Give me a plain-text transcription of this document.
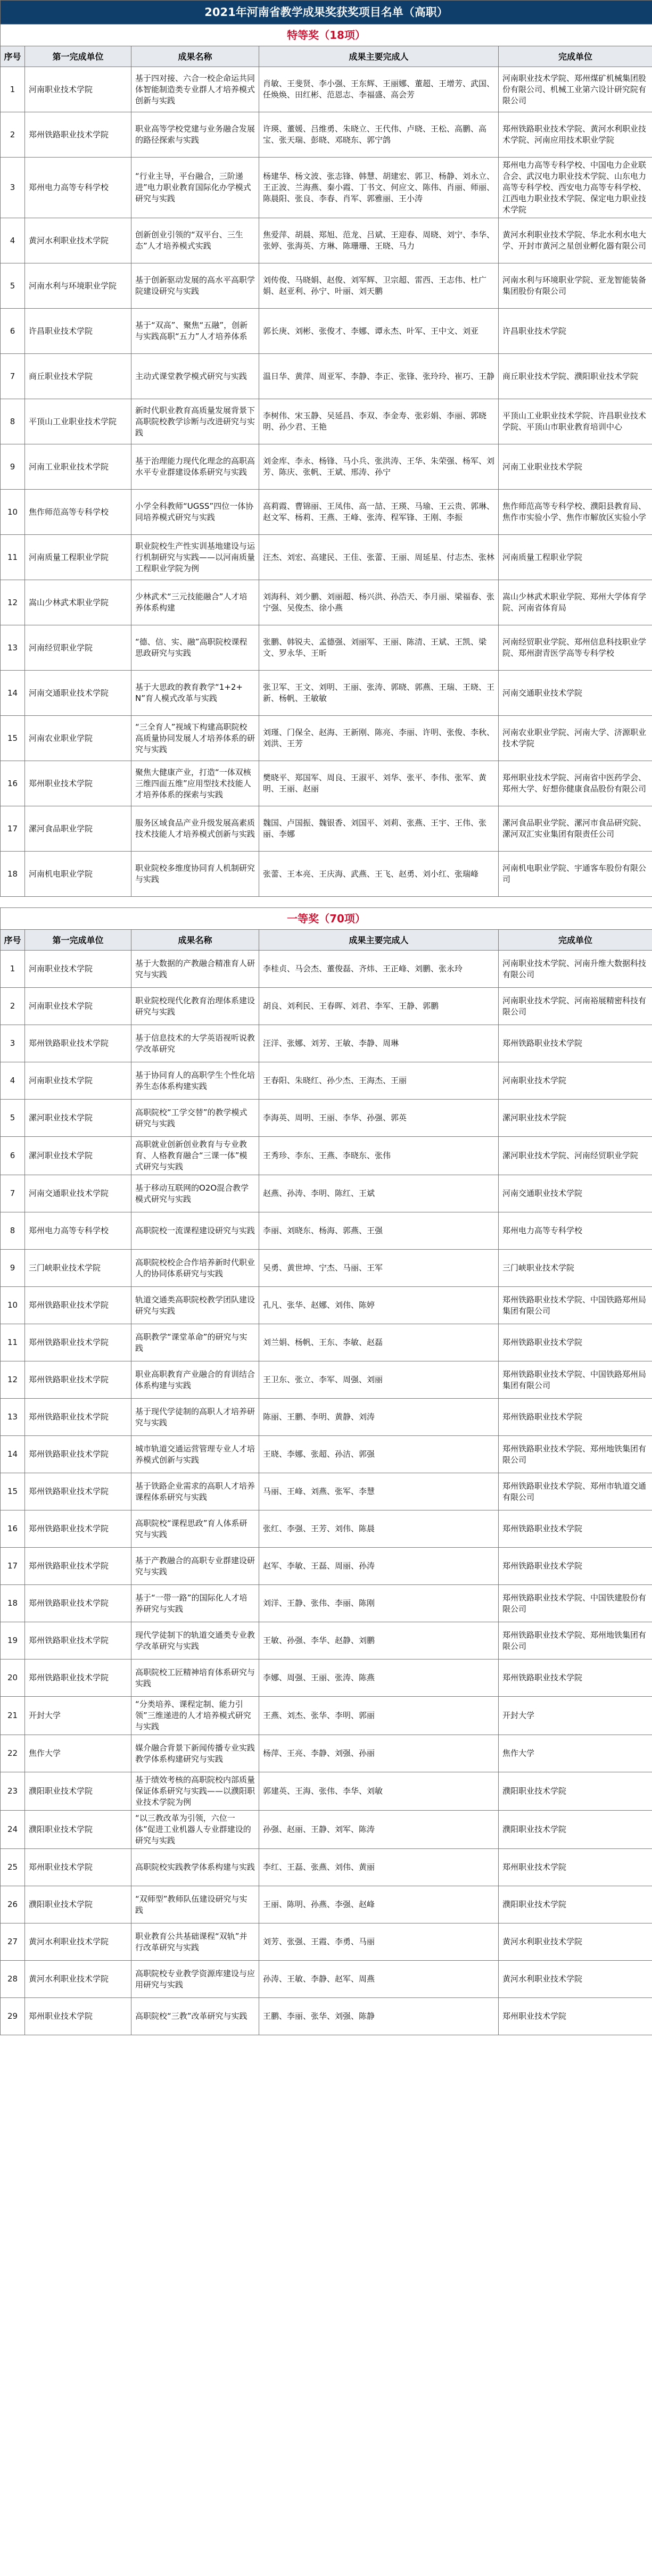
2021年河南省教学成果奖获奖项目名单（高职）				
特等奖（18项）				
序号	第一完成单位	成果名称	成果主要完成人	完成单位
1	河南职业技术学院	基于四对接、六合一校企命运共同体智能制造类专业群人才培养模式创新与实践	肖敏、王斐贤、李小强、王东辉、王丽娜、董超、王增芳、武国、任焕焕、田红彬、范恩志、李福盛、高会芳	河南职业技术学院、郑州煤矿机械集团股份有限公司、机械工业第六设计研究院有限公司
2	郑州铁路职业技术学院	职业高等学校党建与业务融合发展的路径探索与实践	许瑛、董媛、吕维勇、朱晓立、王代伟、卢晓、王松、高鹏、高宝、张天瑞、彭晓、邓晓东、郭宁鸽	郑州铁路职业技术学院、黄河水利职业技术学院、河南应用技术职业学院
3	郑州电力高等专科学校	“行业主导，平台融合，三阶递进”电力职业教育国际化办学模式研究与实践	杨建华、杨文波、张志锋、韩慧、胡建宏、郭卫、杨静、刘永立、王正波、兰海燕、秦小霞、丁书文、何应文、陈伟、肖丽、师丽、陈晨阳、张良、李春、肖军、郭雅丽、王小涛	郑州电力高等专科学校、中国电力企业联合会、武汉电力职业技术学院、山东电力高等专科学校、西安电力高等专科学校、江西电力职业技术学院、保定电力职业技术学院
4	黄河水利职业技术学院	创新创业引领的“双平台、三生态”人才培养模式实践	焦爱萍、胡晨、郑旭、范龙、吕斌、王迎春、周晓、刘宁、李华、张婷、张海英、方琳、陈珊珊、王晓、马力	黄河水利职业技术学院、华北水利水电大学、开封市黄河之星创业孵化器有限公司
5	河南水利与环境职业学院	基于创新驱动发展的高水平高职学院建设研究与实践	刘传俊、马晓娟、赵俊、刘军辉、卫宗超、雷西、王志伟、杜广娟、赵亚利、孙宁、叶丽、刘天鹏	河南水利与环境职业学院、亚龙智能装备集团股份有限公司
6	许昌职业技术学院	基于“双高”、聚焦“五融”，创新与实践高职“五力”人才培养体系	郭长庚、刘彬、张俊才、李娜、谭永杰、叶军、王中文、刘亚	许昌职业技术学院
7	商丘职业技术学院	主动式课堂教学模式研究与实践	温日华、黄萍、周亚军、李静、李正、张锋、张玲玲、崔巧、王静	商丘职业技术学院、濮阳职业技术学院
8	平顶山工业职业技术学院	新时代职业教育高质量发展背景下高职院校教学诊断与改进研究与实践	李树伟、宋玉静、吴延昌、李双、李金寿、张彩娟、李丽、郭晓明、孙少君、王艳	平顶山工业职业技术学院、许昌职业技术学院、平顶山市职业教育培训中心
9	河南工业职业技术学院	基于治理能力现代化理念的高职高水平专业群建设体系研究与实践	刘金库、李永、杨锋、马小兵、张洪涛、王华、朱荣强、杨军、刘芳、陈庆、张帆、王斌、邢涛、孙宁	河南工业职业技术学院
10	焦作师范高等专科学校	小学全科教师“UGSS”四位一体协同培养模式研究与实践	高莉霞、曹锦丽、王凤伟、高一喆、王瑛、马瑜、王云贵、郭琳、赵文军、杨莉、王燕、王峰、张涛、程军锋、王刚、李振	焦作师范高等专科学校、濮阳县教育局、焦作市实验小学、焦作市解放区实验小学
11	河南质量工程职业学院	职业院校生产性实训基地建设与运行机制研究与实践——以河南质量工程职业学院为例	汪杰、刘宏、高建民、王佳、张蕾、王丽、周延星、付志杰、张林	河南质量工程职业学院
12	嵩山少林武术职业学院	少林武术“三元技能融合”人才培养体系构建	刘海科、刘少鹏、刘丽超、杨兴洪、孙浩天、李月丽、梁福春、张宁强、吴俊杰、徐小燕	嵩山少林武术职业学院、郑州大学体育学院、河南省体育局
13	河南经贸职业学院	“德、信、实、融”高职院校课程思政研究与实践	张鹏、韩锐夫、孟德强、刘丽军、王丽、陈清、王斌、王凯、梁文、罗永华、王昕	河南经贸职业学院、郑州信息科技职业学院、郑州澍青医学高等专科学校
14	河南交通职业技术学院	基于大思政的教育教学“1+2+N”育人模式改革与实践	张卫军、王文、刘明、王丽、张涛、郭晓、郭燕、王瑞、王晓、王新、杨帆、王敏敏	河南交通职业技术学院
15	河南农业职业学院	“三全育人”视域下构建高职院校高质量协同发展人才培养体系的研究与实践	刘瑾、门保全、赵海、王新刚、陈亮、李丽、许明、张俊、李秋、刘洪、王芳	河南农业职业学院、河南大学、济源职业技术学院
16	郑州职业技术学院	聚焦大健康产业，打造“一体双核三维四面五维”应用型技术技能人才培养体系的探索与实践	樊晓平、郑国军、周良、王淑平、刘华、张平、李伟、张军、黄明、王丽、赵丽	郑州职业技术学院、河南省中医药学会、郑州大学、好想你健康食品股份有限公司
17	漯河食品职业学院	服务区域食品产业升级发展高素质技术技能人才培养模式创新与实践	魏国、卢国振、魏银香、刘国平、刘莉、张燕、王宇、王伟、张丽、李娜	漯河食品职业学院、漯河市食品研究院、漯河双汇实业集团有限责任公司
18	河南机电职业学院	职业院校多维度协同育人机制研究与实践	张蕾、王本亮、王庆海、武燕、王飞、赵勇、刘小红、张瑞峰	河南机电职业学院、宇通客车股份有限公司

一等奖（70项）				
序号	第一完成单位	成果名称	成果主要完成人	完成单位
1	河南职业技术学院	基于大数据的产教融合精准育人研究与实践	李桂贞、马会杰、董俊磊、齐炜、王正峰、刘鹏、张永玲	河南职业技术学院、河南升维大数据科技有限公司
2	河南职业技术学院	职业院校现代化教育治理体系建设研究与实践	胡良、刘利民、王春晖、刘君、李军、王静、郭鹏	河南职业技术学院、河南裕展精密科技有限公司
3	郑州铁路职业技术学院	基于信息技术的大学英语视听说教学改革研究	汪洋、张娜、刘芳、王敏、李静、周琳	郑州铁路职业技术学院
4	河南职业技术学院	基于协同育人的高职学生个性化培养生态体系构建实践	王春阳、朱晓红、孙少杰、王海杰、王丽	河南职业技术学院
5	漯河职业技术学院	高职院校“工学交替”的教学模式研究与实践	李海英、周明、王丽、李华、孙强、郭英	漯河职业技术学院
6	漯河职业技术学院	高职就业创新创业教育与专业教育、人格教育融合“三课一体”模式研究与实践	王秀珍、李东、王燕、李晓东、张伟	漯河职业技术学院、河南经贸职业学院
7	河南交通职业技术学院	基于移动互联网的O2O混合教学模式研究与实践	赵燕、孙涛、李明、陈红、王斌	河南交通职业技术学院
8	郑州电力高等专科学校	高职院校一流课程建设研究与实践	李丽、刘晓东、杨海、郭燕、王强	郑州电力高等专科学校
9	三门峡职业技术学院	高职院校校企合作培养新时代职业人的协同体系研究与实践	吴勇、黄世坤、宁杰、马丽、王军	三门峡职业技术学院
10	郑州铁路职业技术学院	轨道交通类高职院校教学团队建设研究与实践	孔凡、张华、赵娜、刘伟、陈婷	郑州铁路职业技术学院、中国铁路郑州局集团有限公司
11	郑州铁路职业技术学院	高职教学“课堂革命”的研究与实践	刘兰娟、杨帆、王东、李敏、赵磊	郑州铁路职业技术学院
12	郑州铁路职业技术学院	职业高职教育产业融合的育训结合体系构建与实践	王卫东、张立、李军、周强、刘丽	郑州铁路职业技术学院、中国铁路郑州局集团有限公司
13	郑州铁路职业技术学院	基于现代学徒制的高职人才培养研究与实践	陈丽、王鹏、李明、黄静、刘涛	郑州铁路职业技术学院
14	郑州铁路职业技术学院	城市轨道交通运营管理专业人才培养模式创新与实践	王晓、李娜、张超、孙洁、郭强	郑州铁路职业技术学院、郑州地铁集团有限公司
15	郑州铁路职业技术学院	基于铁路企业需求的高职人才培养课程体系研究与实践	马丽、王峰、刘燕、张军、李慧	郑州铁路职业技术学院、郑州市轨道交通有限公司
16	郑州铁路职业技术学院	高职院校“课程思政”育人体系研究与实践	张红、李强、王芳、刘伟、陈晨	郑州铁路职业技术学院
17	郑州铁路职业技术学院	基于产教融合的高职专业群建设研究与实践	赵军、李敏、王磊、周丽、孙涛	郑州铁路职业技术学院
18	郑州铁路职业技术学院	基于“一带一路”的国际化人才培养研究与实践	刘洋、王静、张伟、李丽、陈刚	郑州铁路职业技术学院、中国铁建股份有限公司
19	郑州铁路职业技术学院	现代学徒制下的轨道交通类专业教学改革研究与实践	王敏、孙强、李华、赵静、刘鹏	郑州铁路职业技术学院、郑州地铁集团有限公司
20	郑州铁路职业技术学院	高职院校工匠精神培育体系研究与实践	李娜、周强、王丽、张涛、陈燕	郑州铁路职业技术学院
21	开封大学	“分类培养、课程定制、能力引领”三维递进的人才培养模式研究与实践	王燕、刘杰、张华、李明、郭丽	开封大学
22	焦作大学	媒介融合背景下新闻传播专业实践教学体系构建研究与实践	杨萍、王亮、李静、刘强、孙丽	焦作大学
23	濮阳职业技术学院	基于绩效考核的高职院校内部质量保证体系研究与实践——以濮阳职业技术学院为例	郭建英、王海、张伟、李华、刘敏	濮阳职业技术学院
24	濮阳职业技术学院	“以三教改革为引领，六位一体”促进工业机器人专业群建设的研究与实践	孙强、赵丽、王静、刘军、陈涛	濮阳职业技术学院
25	郑州职业技术学院	高职院校实践教学体系构建与实践	李红、王磊、张燕、刘伟、黄丽	郑州职业技术学院
26	濮阳职业技术学院	“双师型”教师队伍建设研究与实践	王丽、陈明、孙燕、李强、赵峰	濮阳职业技术学院
27	黄河水利职业技术学院	职业教育公共基础课程“双轨”并行改革研究与实践	刘芳、张强、王霞、李勇、马丽	黄河水利职业技术学院
28	黄河水利职业技术学院	高职院校专业教学资源库建设与应用研究与实践	孙涛、王敏、李静、赵军、周燕	黄河水利职业技术学院
29	郑州职业技术学院	高职院校“三教”改革研究与实践	王鹏、李丽、张华、刘强、陈静	郑州职业技术学院
